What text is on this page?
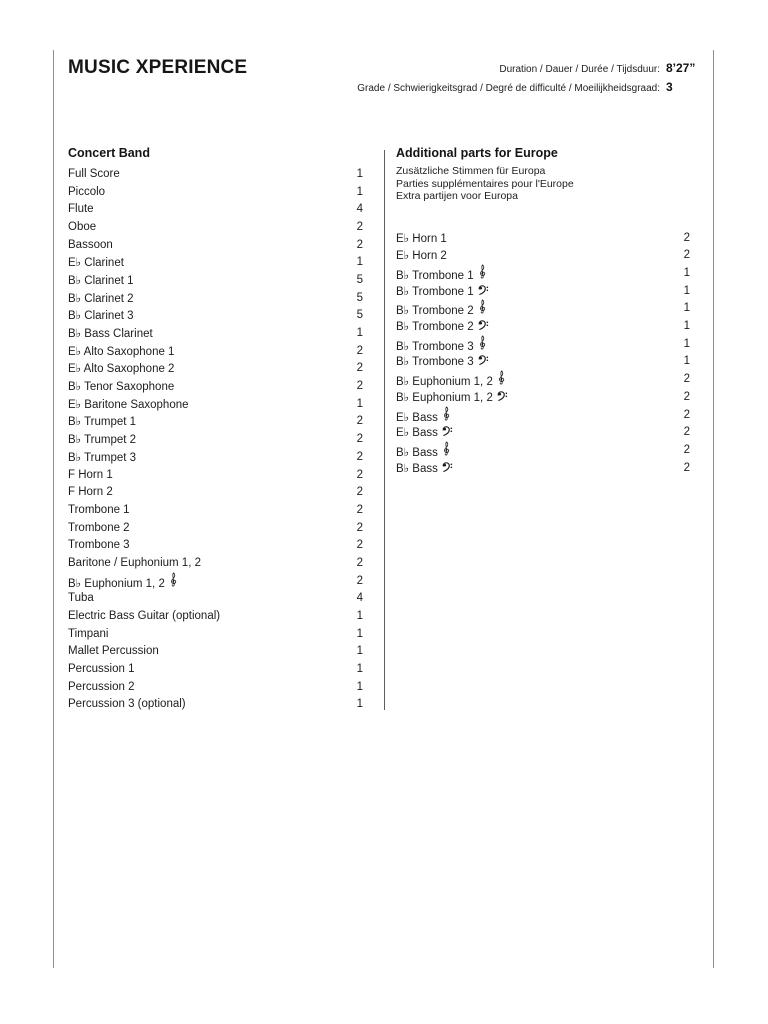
MUSIC XPERIENCE	Duration / Dauer / Durée / Tijdsduur: 8’27”
Grade / Schwierigkeitsgrad / Degré de difficulté / Moeilijkheidsgraad: 3
Concert Band
Full Score	1
Piccolo	1
Flute	4
Oboe	2
Bassoon	2
E♭ Clarinet	1
B♭ Clarinet 1	5
B♭ Clarinet 2	5
B♭ Clarinet 3	5
B♭ Bass Clarinet	1
E♭ Alto Saxophone 1	2
E♭ Alto Saxophone 2	2
B♭ Tenor Saxophone	2
E♭ Baritone Saxophone	1
B♭ Trumpet 1	2
B♭ Trumpet 2	2
B♭ Trumpet 3	2
F Horn 1	2
F Horn 2	2
Trombone 1	2
Trombone 2	2
Trombone 3	2
Baritone / Euphonium 1, 2	2
B♭ Euphonium 1, 2	2
Tuba	4
Electric Bass Guitar (optional)	1
Timpani	1
Mallet Percussion	1
Percussion 1	1
Percussion 2	1
Percussion 3 (optional)	1
Additional parts for Europe
Zusätzliche Stimmen für Europa
Parties supplémentaires pour l'Europe
Extra partijen voor Europa
E♭ Horn 1	2
E♭ Horn 2	2
B♭ Trombone 1	1
B♭ Trombone 1	1
B♭ Trombone 2	1
B♭ Trombone 2	1
B♭ Trombone 3	1
B♭ Trombone 3	1
B♭ Euphonium 1, 2	2
B♭ Euphonium 1, 2	2
E♭ Bass	2
E♭ Bass	2
B♭ Bass	2
B♭ Bass	2
